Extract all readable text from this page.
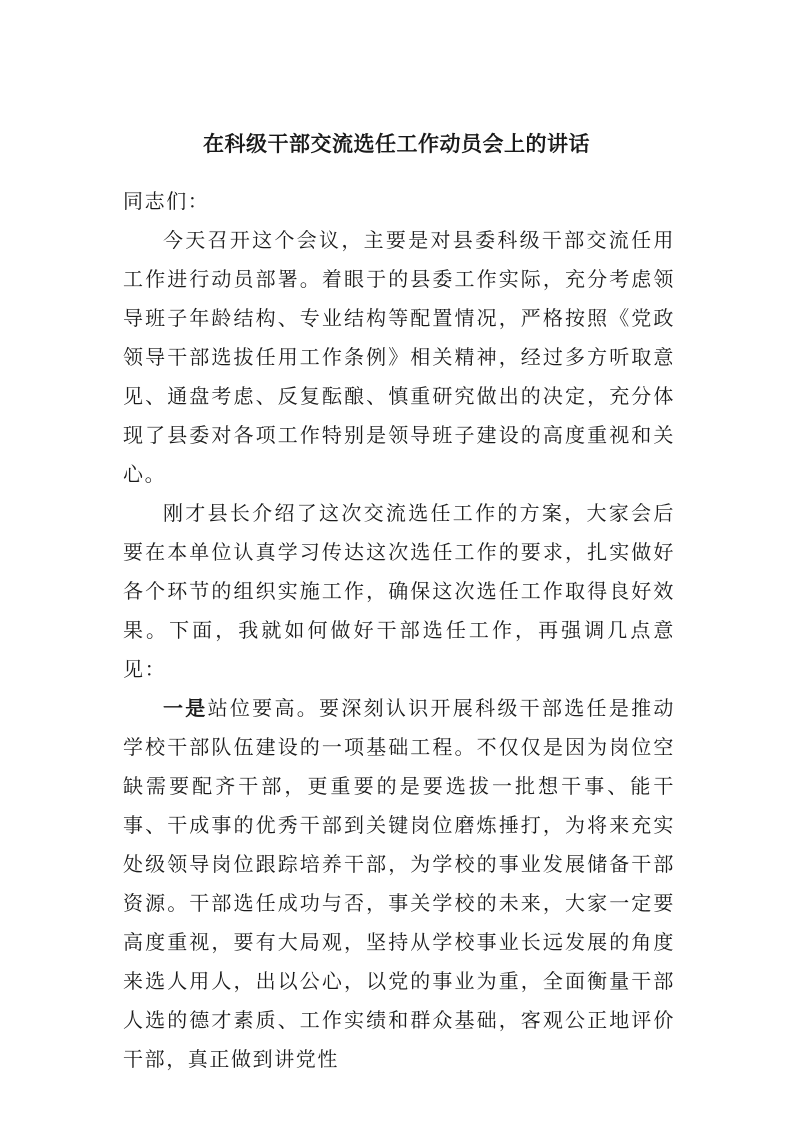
在科级干部交流选任工作动员会上的讲话

同志们：

今天召开这个会议，主要是对县委科级干部交流任用工作进行动员部署。着眼于的县委工作实际，充分考虑领导班子年龄结构、专业结构等配置情况，严格按照《党政领导干部选拔任用工作条例》相关精神，经过多方听取意见、通盘考虑、反复酝酿、慎重研究做出的决定，充分体现了县委对各项工作特别是领导班子建设的高度重视和关心。

刚才县长介绍了这次交流选任工作的方案，大家会后要在本单位认真学习传达这次选任工作的要求，扎实做好各个环节的组织实施工作，确保这次选任工作取得良好效果。下面，我就如何做好干部选任工作，再强调几点意见：

一是站位要高。要深刻认识开展科级干部选任是推动学校干部队伍建设的一项基础工程。不仅仅是因为岗位空缺需要配齐干部，更重要的是要选拔一批想干事、能干事、干成事的优秀干部到关键岗位磨炼捶打，为将来充实处级领导岗位跟踪培养干部，为学校的事业发展储备干部资源。干部选任成功与否，事关学校的未来，大家一定要高度重视，要有大局观，坚持从学校事业长远发展的角度来选人用人，出以公心，以党的事业为重，全面衡量干部人选的德才素质、工作实绩和群众基础，客观公正地评价干部，真正做到讲党性
